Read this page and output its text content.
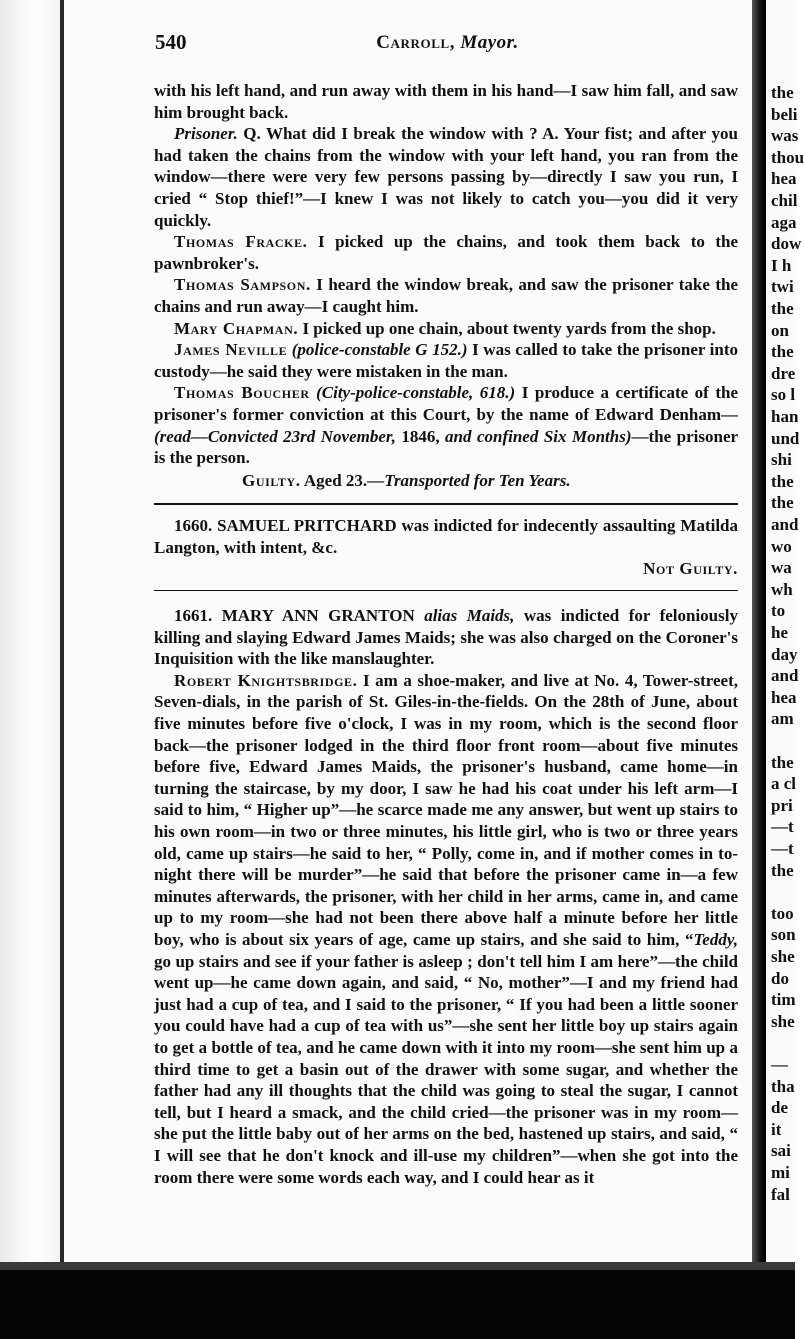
the
beli
was
thou
hea
chil
aga
dow
I h
twi
the
on
the
dre
so l
han
und
shi
the
the
and
wo
wa
wh
to
he
day
and
hea
am
the
a cl
pri
—t
—t
the
too
son
she
do
tim
she
—
tha
de
it
sai
mi
fal
540	Carroll, Mayor.

with his left hand, and run away with them in his hand—I saw him fall, and saw him brought back.

Prisoner. Q. What did I break the window with ? A. Your fist; and after you had taken the chains from the window with your left hand, you ran from the window—there were very few persons passing by—directly I saw you run, I cried “ Stop thief!”—I knew I was not likely to catch you—you did it very quickly.

Thomas Fracke. I picked up the chains, and took them back to the pawnbroker's.

Thomas Sampson. I heard the window break, and saw the prisoner take the chains and run away—I caught him.

Mary Chapman. I picked up one chain, about twenty yards from the shop.

James Neville (police-constable G 152.) I was called to take the prisoner into custody—he said they were mistaken in the man.

Thomas Boucher (City-police-constable, 618.) I produce a certificate of the prisoner's former conviction at this Court, by the name of Edward Denham—(read—Convicted 23rd November, 1846, and confined Six Months)—the prisoner is the person.

Guilty. Aged 23.—Transported for Ten Years.

1660. SAMUEL PRITCHARD was indicted for indecently assaulting Matilda Langton, with intent, &c.

Not Guilty.

1661. MARY ANN GRANTON alias Maids, was indicted for feloniously killing and slaying Edward James Maids; she was also charged on the Coroner's Inquisition with the like manslaughter.

Robert Knightsbridge. I am a shoe-maker, and live at No. 4, Tower-street, Seven-dials, in the parish of St. Giles-in-the-fields. On the 28th of June, about five minutes before five o'clock, I was in my room, which is the second floor back—the prisoner lodged in the third floor front room—about five minutes before five, Edward James Maids, the prisoner's husband, came home—in turning the staircase, by my door, I saw he had his coat under his left arm—I said to him, “ Higher up”—he scarce made me any answer, but went up stairs to his own room—in two or three minutes, his little girl, who is two or three years old, came up stairs—he said to her, “ Polly, come in, and if mother comes in to-night there will be murder”—he said that before the prisoner came in—a few minutes afterwards, the prisoner, with her child in her arms, came in, and came up to my room—she had not been there above half a minute before her little boy, who is about six years of age, came up stairs, and she said to him, “Teddy, go up stairs and see if your father is asleep ; don't tell him I am here”—the child went up—he came down again, and said, “ No, mother”—I and my friend had just had a cup of tea, and I said to the prisoner, “ If you had been a little sooner you could have had a cup of tea with us”—she sent her little boy up stairs again to get a bottle of tea, and he came down with it into my room—she sent him up a third time to get a basin out of the drawer with some sugar, and whether the father had any ill thoughts that the child was going to steal the sugar, I cannot tell, but I heard a smack, and the child cried—the prisoner was in my room—she put the little baby out of her arms on the bed, hastened up stairs, and said, “ I will see that he don't knock and ill-use my children”—when she got into the room there were some words each way, and I could hear as it
